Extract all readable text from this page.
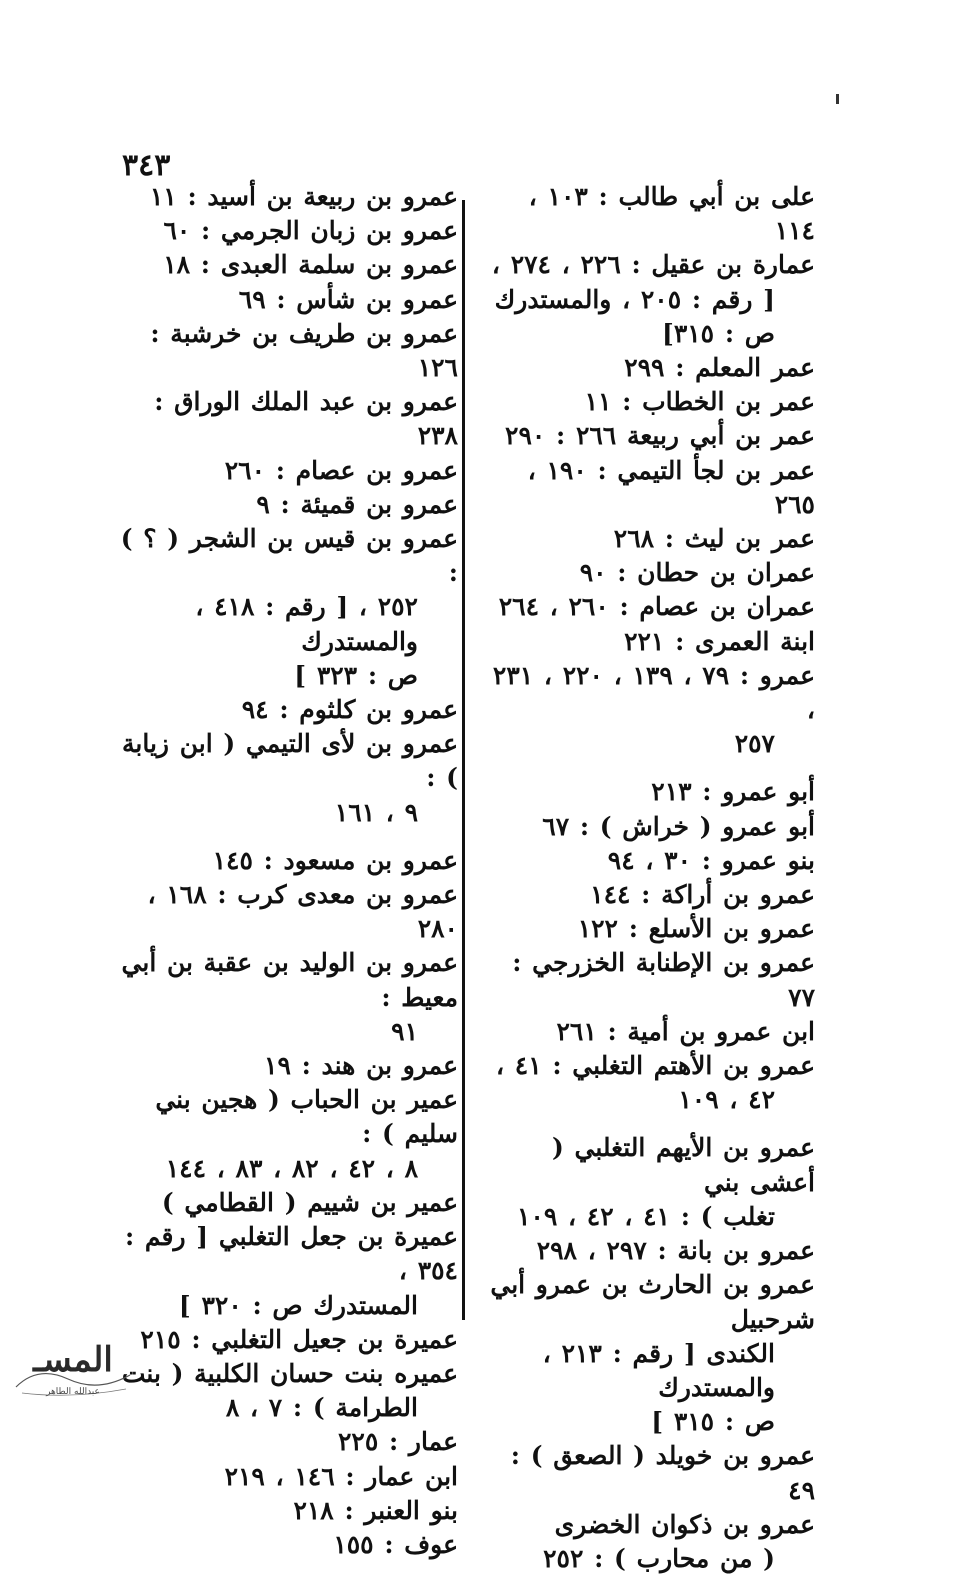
٣٤٣
على بن أبي طالب : ١٠٣ ، ١١٤
عمارة بن عقيل : ٢٢٦ ، ٢٧٤ ،
[ رقم : ٢٠٥ ، والمستدرك ص : ٣١٥]
عمر المعلم : ٢٩٩
عمر بن الخطاب : ١١
عمر بن أبي ربيعة ٢٦٦ : ٢٩٠
عمر بن لجأ التيمي : ١٩٠ ، ٢٦٥
عمر بن ليث : ٢٦٨
عمران بن حطان : ٩٠
عمران بن عصام : ٢٦٠ ، ٢٦٤
ابنة العمرى : ٢٢١
عمرو : ٧٩ ، ١٣٩ ، ٢٢٠ ، ٢٣١ ،
٢٥٧
أبو عمرو : ٢١٣
أبو عمرو ( خراش ) : ٦٧
بنو عمرو : ٣٠ ، ٩٤
عمرو بن أراكة : ١٤٤
عمرو بن الأسلع : ١٢٢
عمرو بن الإطنابة الخزرجي : ٧٧
ابن عمرو بن أمية : ٢٦١
عمرو بن الأهتم التغلبي : ٤١ ،
٤٢ ، ١٠٩
عمرو بن الأيهم التغلبي ( أعشى بني
تغلب ) : ٤١ ، ٤٢ ، ١٠٩
عمرو بن بانة : ٢٩٧ ، ٢٩٨
عمرو بن الحارث بن عمرو أبي شرحبيل
الكندى [ رقم : ٢١٣ ، والمستدرك
ص : ٣١٥ ]
عمرو بن خويلد ( الصعق ) : ٤٩
عمرو بن ذكوان الخضرى
( من محارب ) : ٢٥٢
عمرو بن ربيعة بن أسيد : ١١
عمرو بن زبان الجرمي : ٦٠
عمرو بن سلمة العبدى : ١٨
عمرو بن شأس : ٦٩
عمرو بن طريف بن خرشبة : ١٢٦
عمرو بن عبد الملك الوراق : ٢٣٨
عمرو بن عصام : ٢٦٠
عمرو بن قميئة : ٩
عمرو بن قيس بن الشجر ( ؟ ) :
٢٥٢ ، [ رقم : ٤١٨ ، والمستدرك
ص : ٣٢٣ ]
عمرو بن كلثوم : ٩٤
عمرو بن لأى التيمي ( ابن زيابة ) :
٩ ، ١٦١
عمرو بن مسعود : ١٤٥
عمرو بن معدى كرب : ١٦٨ ، ٢٨٠
عمرو بن الوليد بن عقبة بن أبي معيط :
٩١
عمرو بن هند : ١٩
عمير بن الحباب ( هجين بني سليم ) :
٨ ، ٤٢ ، ٨٢ ، ٨٣ ، ١٤٤
عمير بن شييم ( القطامي )
عميرة بن جعل التغلبي [ رقم : ٣٥٤ ،
المستدرك ص : ٣٢٠ ]
عميرة بن جعيل التغلبي : ٢١٥
عميره بنت حسان الكلبية ( بنت
الطرامة ) : ٧ ، ٨
عمار : ٢٢٥
ابن عمار : ١٤٦ ، ٢١٩
بنو العنبر : ٢١٨
عوف : ١٥٥
المسـ
عبدالله الطاهر
